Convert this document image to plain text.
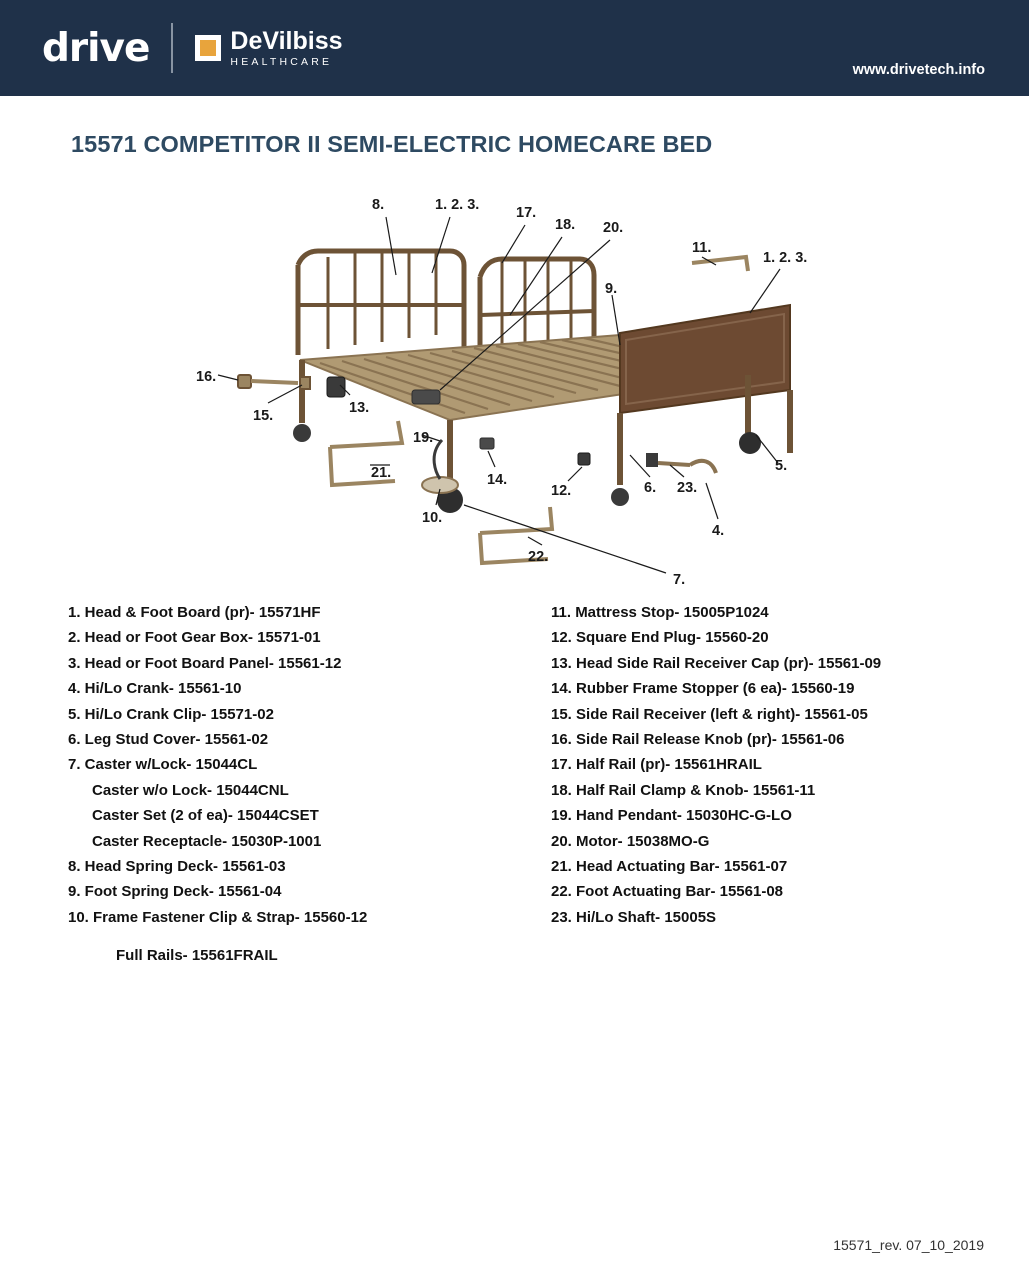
drive	DeVilbiss
HEALTHCARE
www.drivetech.info
15571 COMPETITOR II SEMI-ELECTRIC HOMECARE BED
8.	1. 2. 3.	17.
18. 20.
11.
1. 2. 3.
9.
16.
15.	13.
19.
21.
10.
14.
12.
22.
6. 23.
4.
5.
7.
1. Head & Foot Board (pr)- 15571HF
2. Head or Foot Gear Box- 15571-01
3. Head or Foot Board Panel- 15561-12
4. Hi/Lo Crank- 15561-10
5. Hi/Lo Crank Clip- 15571-02
6. Leg Stud Cover- 15561-02
7. Caster w/Lock- 15044CL
Caster w/o Lock- 15044CNL
Caster Set (2 of ea)- 15044CSET
Caster Receptacle- 15030P-1001
8. Head Spring Deck- 15561-03
9. Foot Spring Deck- 15561-04
10. Frame Fastener Clip & Strap- 15560-12
11. Mattress Stop- 15005P1024
12. Square End Plug- 15560-20
13. Head Side Rail Receiver Cap (pr)- 15561-09
14. Rubber Frame Stopper (6 ea)- 15560-19
15. Side Rail Receiver (left & right)- 15561-05
16. Side Rail Release Knob (pr)- 15561-06
17. Half Rail (pr)- 15561HRAIL
18. Half Rail Clamp & Knob- 15561-11
19. Hand Pendant- 15030HC-G-LO
20. Motor- 15038MO-G
21. Head Actuating Bar- 15561-07
22. Foot Actuating Bar- 15561-08
23. Hi/Lo Shaft- 15005S
Full Rails- 15561FRAIL
15571_rev. 07_10_2019
